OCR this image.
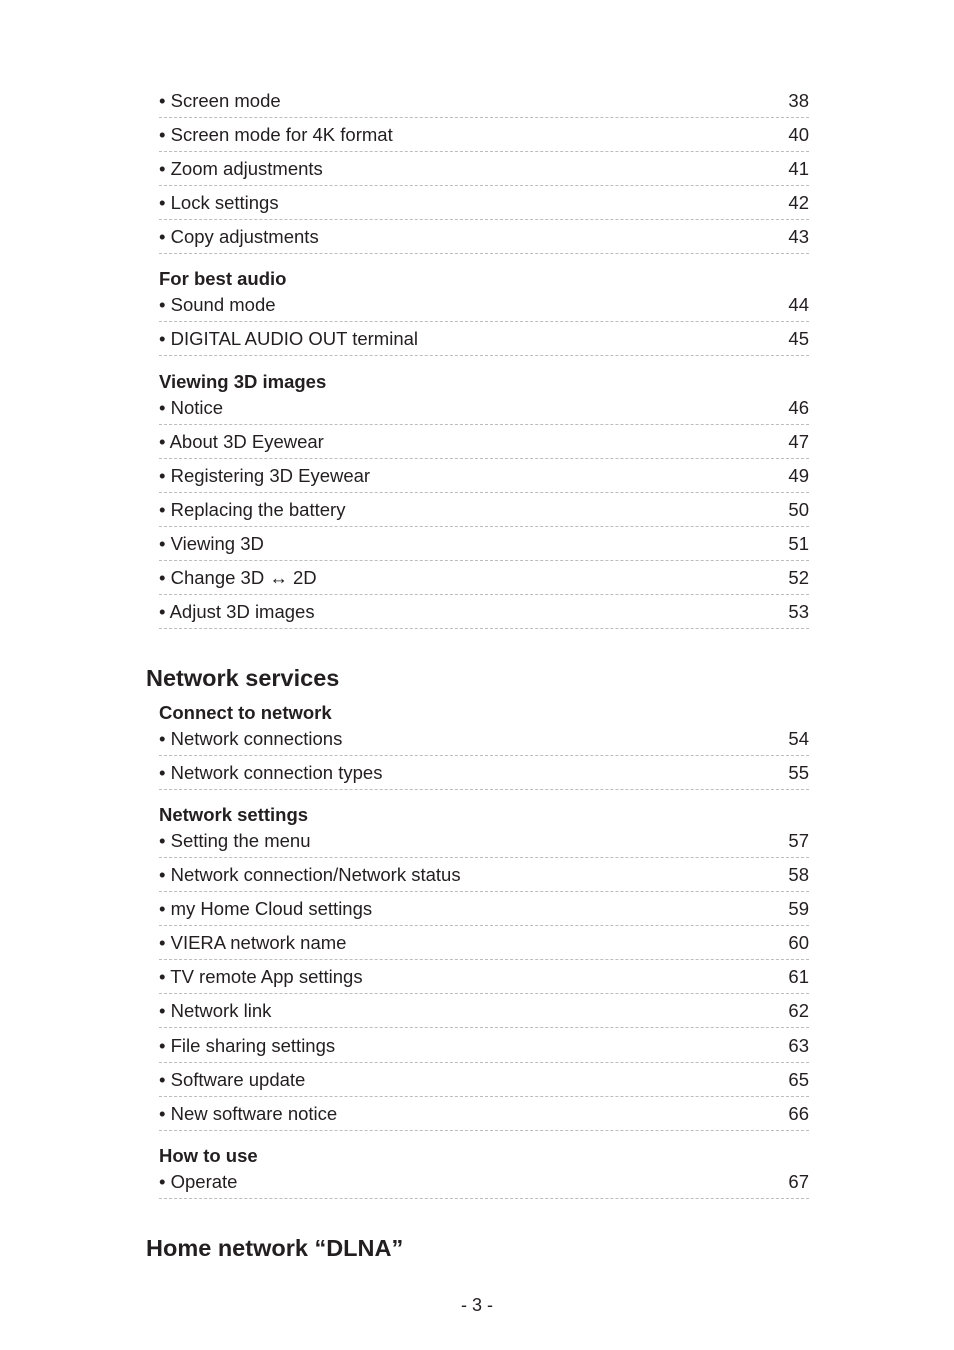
• Screen mode	38
• Screen mode for 4K format	40
• Zoom adjustments	41
• Lock settings	42
• Copy adjustments	43
For best audio
• Sound mode	44
• DIGITAL AUDIO OUT terminal	45
Viewing 3D images
• Notice	46
• About 3D Eyewear	47
• Registering 3D Eyewear	49
• Replacing the battery	50
• Viewing 3D	51
• Change 3D ↔ 2D	52
• Adjust 3D images	53
Network services
Connect to network
• Network connections	54
• Network connection types	55
Network settings
• Setting the menu	57
• Network connection/Network status	58
• my Home Cloud settings	59
• VIERA network name	60
• TV remote App settings	61
• Network link	62
• File sharing settings	63
• Software update	65
• New software notice	66
How to use
• Operate	67
Home network “DLNA”
- 3 -
